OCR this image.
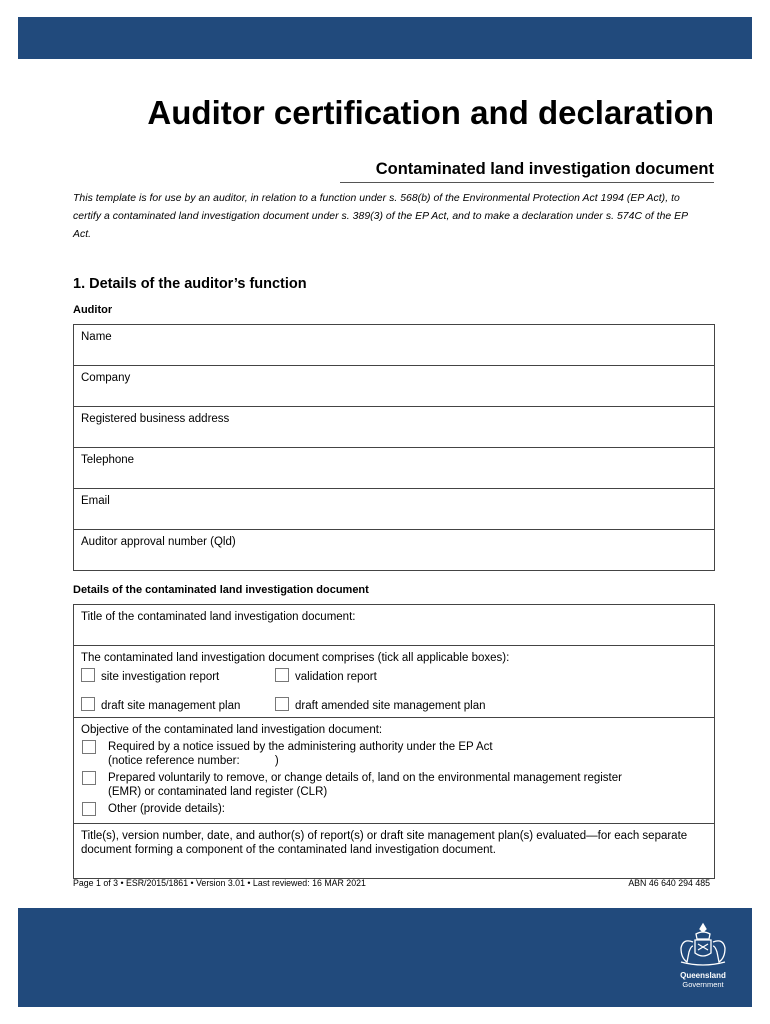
Auditor certification and declaration
Contaminated land investigation document
This template is for use by an auditor, in relation to a function under s. 568(b) of the Environmental Protection Act 1994 (EP Act), to certify a contaminated land investigation document under s. 389(3) of the EP Act, and to make a declaration under s. 574C of the EP Act.
1. Details of the auditor’s function
Auditor
Name
Company
Registered business address
Telephone
Email
Auditor approval number (Qld)
Details of the contaminated land investigation document
Title of the contaminated land investigation document:

The contaminated land investigation document comprises (tick all applicable boxes):
site investigation report	validation report
draft site management plan	draft amended site management plan

Objective of the contaminated land investigation document:
Required by a notice issued by the administering authority under the EP Act
(notice reference number:           )
Prepared voluntarily to remove, or change details of, land on the environmental management register
(EMR) or contaminated land register (CLR)
Other (provide details):

Title(s), version number, date, and author(s) of report(s) or draft site management plan(s) evaluated—for each separate document forming a component of the contaminated land investigation document.
Page 1 of 3 • ESR/2015/1861 • Version 3.01 • Last reviewed: 16 MAR 2021	ABN 46 640 294 485
Queensland
Government
